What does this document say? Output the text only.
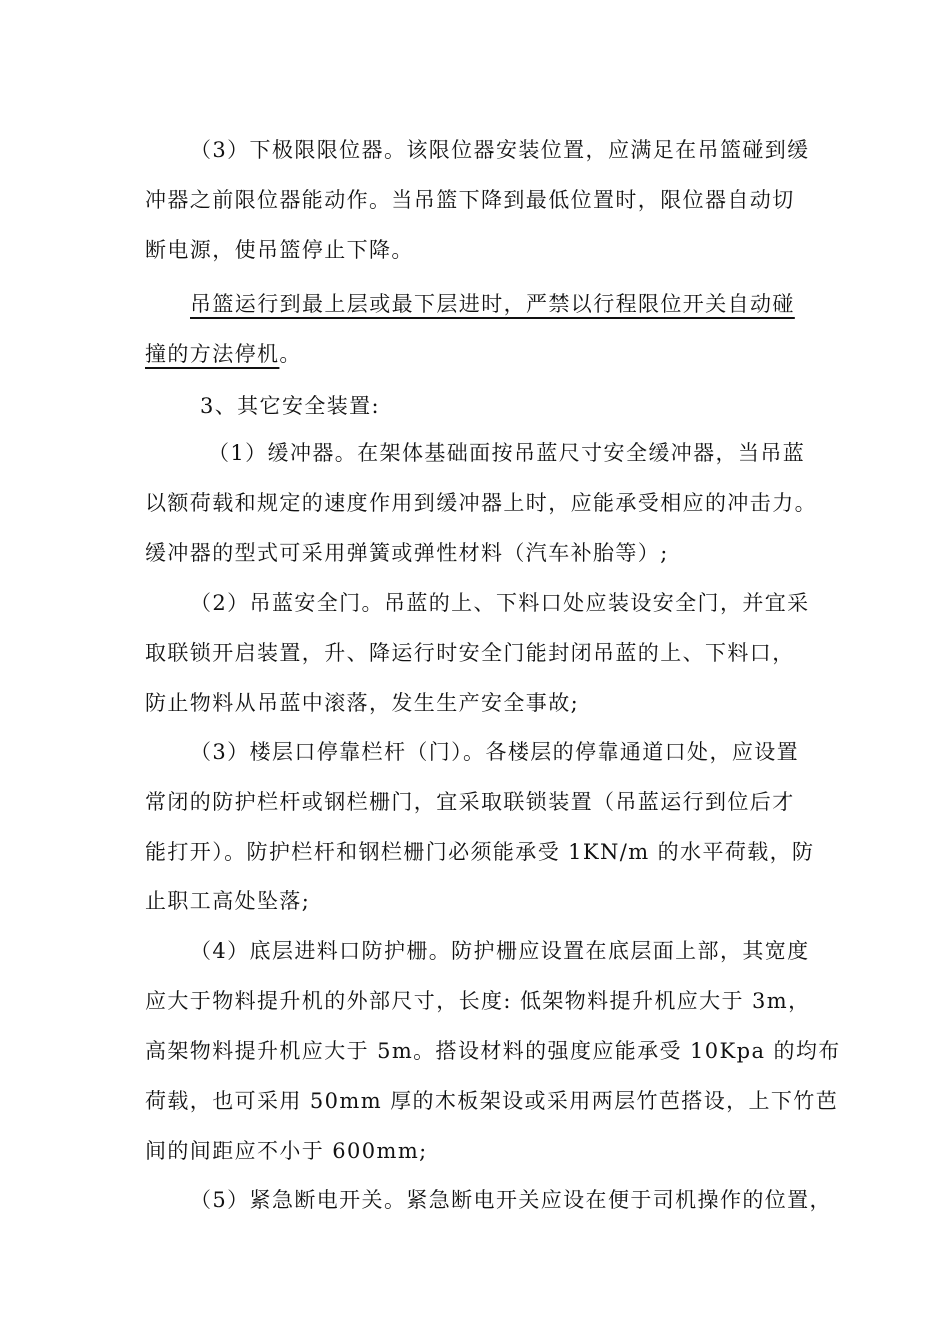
（3）下极限限位器。该限位器安装位置，应满足在吊篮碰到缓
冲器之前限位器能动作。当吊篮下降到最低位置时，限位器自动切
断电源，使吊篮停止下降。
吊篮运行到最上层或最下层进时，严禁以行程限位开关自动碰
撞的方法停机。
3、其它安全装置:
（1）缓冲器。在架体基础面按吊蓝尺寸安全缓冲器，当吊蓝
以额荷载和规定的速度作用到缓冲器上时，应能承受相应的冲击力。
缓冲器的型式可采用弹簧或弹性材料（汽车补胎等）;
（2）吊蓝安全门。吊蓝的上、下料口处应装设安全门，并宜采
取联锁开启装置，升、降运行时安全门能封闭吊蓝的上、下料口，
防止物料从吊蓝中滚落，发生生产安全事故;
（3）楼层口停靠栏杆（门）。各楼层的停靠通道口处，应设置
常闭的防护栏杆或钢栏栅门，宜采取联锁装置（吊蓝运行到位后才
能打开）。防护栏杆和钢栏栅门必须能承受 1KN/m 的水平荷载，防
止职工高处坠落;
（4）底层进料口防护栅。防护栅应设置在底层面上部，其宽度
应大于物料提升机的外部尺寸，长度: 低架物料提升机应大于 3m，
高架物料提升机应大于 5m。搭设材料的强度应能承受 10Kpa 的均布
荷载，也可采用 50mm 厚的木板架设或采用两层竹芭搭设，上下竹芭
间的间距应不小于 600mm;
（5）紧急断电开关。紧急断电开关应设在便于司机操作的位置，
